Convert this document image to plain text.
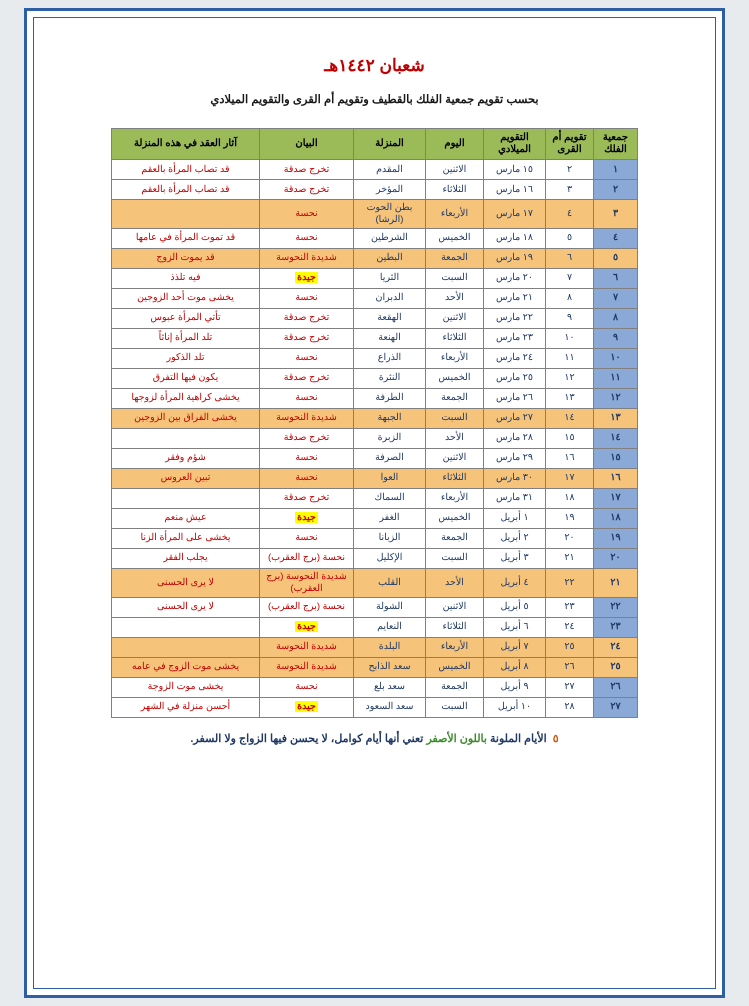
شعبان ١٤٤٢هـ
بحسب تقويم جمعية الفلك بالقطيف وتقويم أم القرى والتقويم الميلادي
جمعية الفلك	تقويم أم القرى	التقويم الميلادي	اليوم	المنزلة	البيان	آثار العقد في هذه المنزلة
١	٢	١٥ مارس	الاثنين	المقدم	تخرج صدقة	قد تصاب المرأة بالعقم
٢	٣	١٦ مارس	الثلاثاء	المؤخر	تخرج صدقة	قد تصاب المرأة بالعقم
٣	٤	١٧ مارس	الأربعاء	بطن الحوت (الرشا)	نحسة	
٤	٥	١٨ مارس	الخميس	الشرطين	نحسة	قد تموت المرأة في عامها
٥	٦	١٩ مارس	الجمعة	البطين	شديدة النحوسة	قد يموت الزوج
٦	٧	٢٠ مارس	السبت	الثريا	جيدة	فيه تلذذ
٧	٨	٢١ مارس	الأحد	الدبران	نحسة	يخشى موت أحد الزوجين
٨	٩	٢٢ مارس	الاثنين	الهقعة	تخرج صدقة	تأتي المرأة عبوس
٩	١٠	٢٣ مارس	الثلاثاء	الهنعة	تخرج صدقة	تلد المرأة إناثاً
١٠	١١	٢٤ مارس	الأربعاء	الذراع	نحسة	تلد الذكور
١١	١٢	٢٥ مارس	الخميس	النثرة	تخرج صدقة	يكون فيها التفرق
١٢	١٣	٢٦ مارس	الجمعة	الطرفة	نحسة	يخشى كراهية المرأة لزوجها
١٣	١٤	٢٧ مارس	السبت	الجبهة	شديدة النحوسة	يخشى الفراق بين الزوجين
١٤	١٥	٢٨ مارس	الأحد	الزبرة	تخرج صدقة	
١٥	١٦	٢٩ مارس	الاثنين	الصرفة	نحسة	شؤم وفقر
١٦	١٧	٣٠ مارس	الثلاثاء	العوا	نحسة	تبين العروس
١٧	١٨	٣١ مارس	الأربعاء	السماك	تخرج صدقة	
١٨	١٩	١ أبريل	الخميس	الغفر	جيدة	عيش منعم
١٩	٢٠	٢ أبريل	الجمعة	الزبانا	نحسة	يخشى على المرأة الزنا
٢٠	٢١	٣ أبريل	السبت	الإكليل	نحسة (برج العقرب)	يجلب الفقر
٢١	٢٢	٤ أبريل	الأحد	القلب	شديدة النحوسة (برج العقرب)	لا يرى الحسنى
٢٢	٢٣	٥ أبريل	الاثنين	الشولة	نحسة (برج العقرب)	لا يرى الحسنى
٢٣	٢٤	٦ أبريل	الثلاثاء	النعايم	جيدة	
٢٤	٢٥	٧ أبريل	الأربعاء	البلدة	شديدة النحوسة	
٢٥	٢٦	٨ أبريل	الخميس	سعد الذابح	شديدة النحوسة	يخشى موت الزوج في عامه
٢٦	٢٧	٩ أبريل	الجمعة	سعد بلع	نحسة	يخشى موت الزوجة
٢٧	٢٨	١٠ أبريل	السبت	سعد السعود	جيدة	أحسن منزلة في الشهر
٥الأيام الملونة باللون الأصفر تعني أنها أيام كوامل، لا يحسن فيها الزواج ولا السفر.
